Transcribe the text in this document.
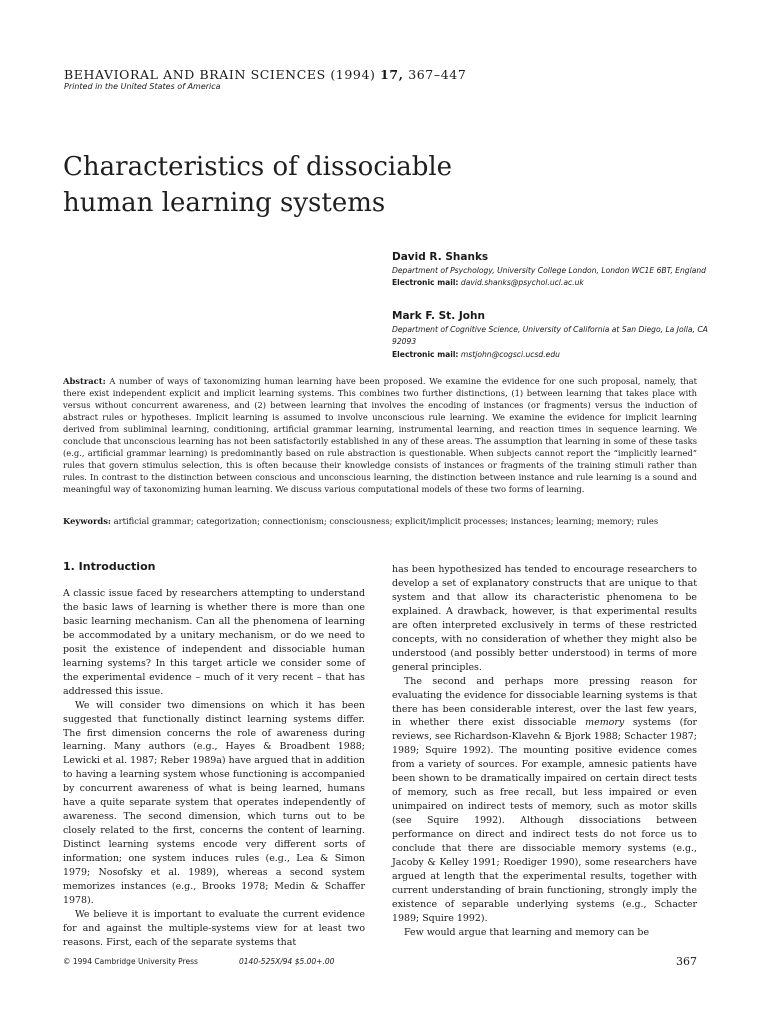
BEHAVIORAL AND BRAIN SCIENCES (1994) 17, 367–447
Printed in the United States of America
Characteristics of dissociable
human learning systems
David R. Shanks
Department of Psychology, University College London, London WC1E 6BT, England
Electronic mail: david.shanks@psychol.ucl.ac.uk
Mark F. St. John
Department of Cognitive Science, University of California at San Diego, La Jolla, CA 92093
Electronic mail: mstjohn@cogsci.ucsd.edu

Abstract: A number of ways of taxonomizing human learning have been proposed. We examine the evidence for one such proposal, namely, that there exist independent explicit and implicit learning systems. This combines two further distinctions, (1) between learning that takes place with versus without concurrent awareness, and (2) between learning that involves the encoding of instances (or fragments) versus the induction of abstract rules or hypotheses. Implicit learning is assumed to involve unconscious rule learning. We examine the evidence for implicit learning derived from subliminal learning, conditioning, artificial grammar learning, instrumental learning, and reaction times in sequence learning. We conclude that unconscious learning has not been satisfactorily established in any of these areas. The assumption that learning in some of these tasks (e.g., artificial grammar learning) is predominantly based on rule abstraction is questionable. When subjects cannot report the “implicitly learned” rules that govern stimulus selection, this is often because their knowledge consists of instances or fragments of the training stimuli rather than rules. In contrast to the distinction between conscious and unconscious learning, the distinction between instance and rule learning is a sound and meaningful way of taxonomizing human learning. We discuss various computational models of these two forms of learning.

Keywords: artificial grammar; categorization; connectionism; consciousness; explicit/implicit processes; instances; learning; memory; rules

1. Introduction

A classic issue faced by researchers attempting to understand the basic laws of learning is whether there is more than one basic learning mechanism. Can all the phenomena of learning be accommodated by a unitary mechanism, or do we need to posit the existence of independent and dissociable human learning systems? In this target article we consider some of the experimental evidence – much of it very recent – that has addressed this issue.

We will consider two dimensions on which it has been suggested that functionally distinct learning systems differ. The first dimension concerns the role of awareness during learning. Many authors (e.g., Hayes & Broadbent 1988; Lewicki et al. 1987; Reber 1989a) have argued that in addition to having a learning system whose functioning is accompanied by concurrent awareness of what is being learned, humans have a quite separate system that operates independently of awareness. The second dimension, which turns out to be closely related to the first, concerns the content of learning. Distinct learning systems encode very different sorts of information; one system induces rules (e.g., Lea & Simon 1979; Nosofsky et al. 1989), whereas a second system memorizes instances (e.g., Brooks 1978; Medin & Schaffer 1978).

We believe it is important to evaluate the current evidence for and against the multiple-systems view for at least two reasons. First, each of the separate systems that

has been hypothesized has tended to encourage researchers to develop a set of explanatory constructs that are unique to that system and that allow its characteristic phenomena to be explained. A drawback, however, is that experimental results are often interpreted exclusively in terms of these restricted concepts, with no consideration of whether they might also be understood (and possibly better understood) in terms of more general principles.

The second and perhaps more pressing reason for evaluating the evidence for dissociable learning systems is that there has been considerable interest, over the last few years, in whether there exist dissociable memory systems (for reviews, see Richardson-Klavehn & Bjork 1988; Schacter 1987; 1989; Squire 1992). The mounting positive evidence comes from a variety of sources. For example, amnesic patients have been shown to be dramatically impaired on certain direct tests of memory, such as free recall, but less impaired or even unimpaired on indirect tests of memory, such as motor skills (see Squire 1992). Although dissociations between performance on direct and indirect tests do not force us to conclude that there are dissociable memory systems (e.g., Jacoby & Kelley 1991; Roediger 1990), some researchers have argued at length that the experimental results, together with current understanding of brain functioning, strongly imply the existence of separable underlying systems (e.g., Schacter 1989; Squire 1992).

Few would argue that learning and memory can be

© 1994 Cambridge University Press	0140-525X/94 $5.00+.00	367
